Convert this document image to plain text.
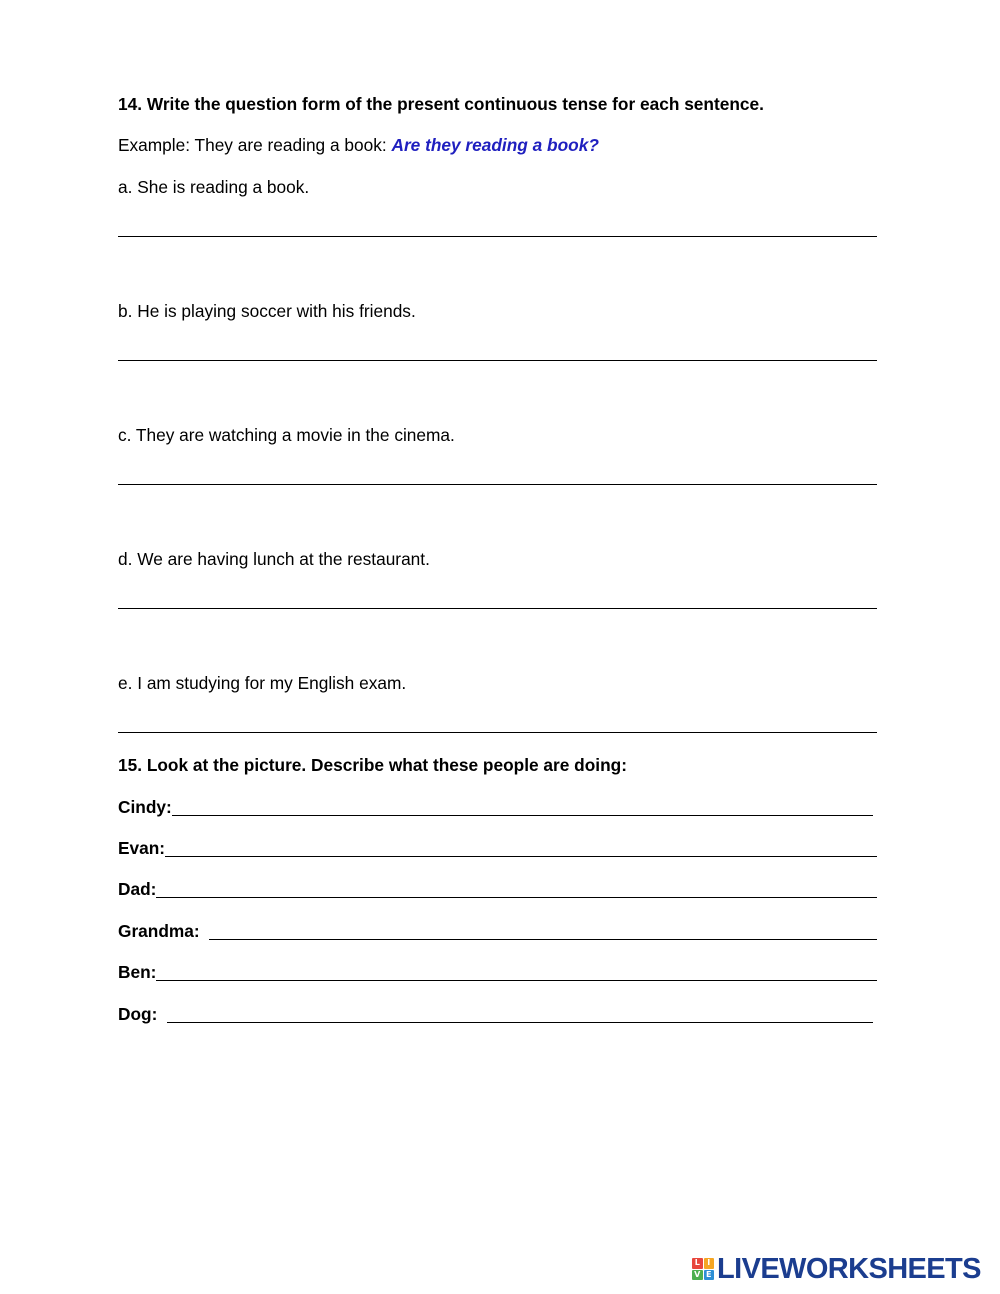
14. Write the question form of the present continuous tense for each sentence.
Example: They are reading a book: Are they reading a book?
a. She is reading a book.
b. He is playing soccer with his friends.
c. They are watching a movie in the cinema.
d. We are having lunch at the restaurant.
e. I am studying for my English exam.
15. Look at the picture. Describe what these people are doing:
Cindy:
Evan:
Dad:
Grandma:
Ben:
Dog:
L I
V E LIVEWORKSHEETS
